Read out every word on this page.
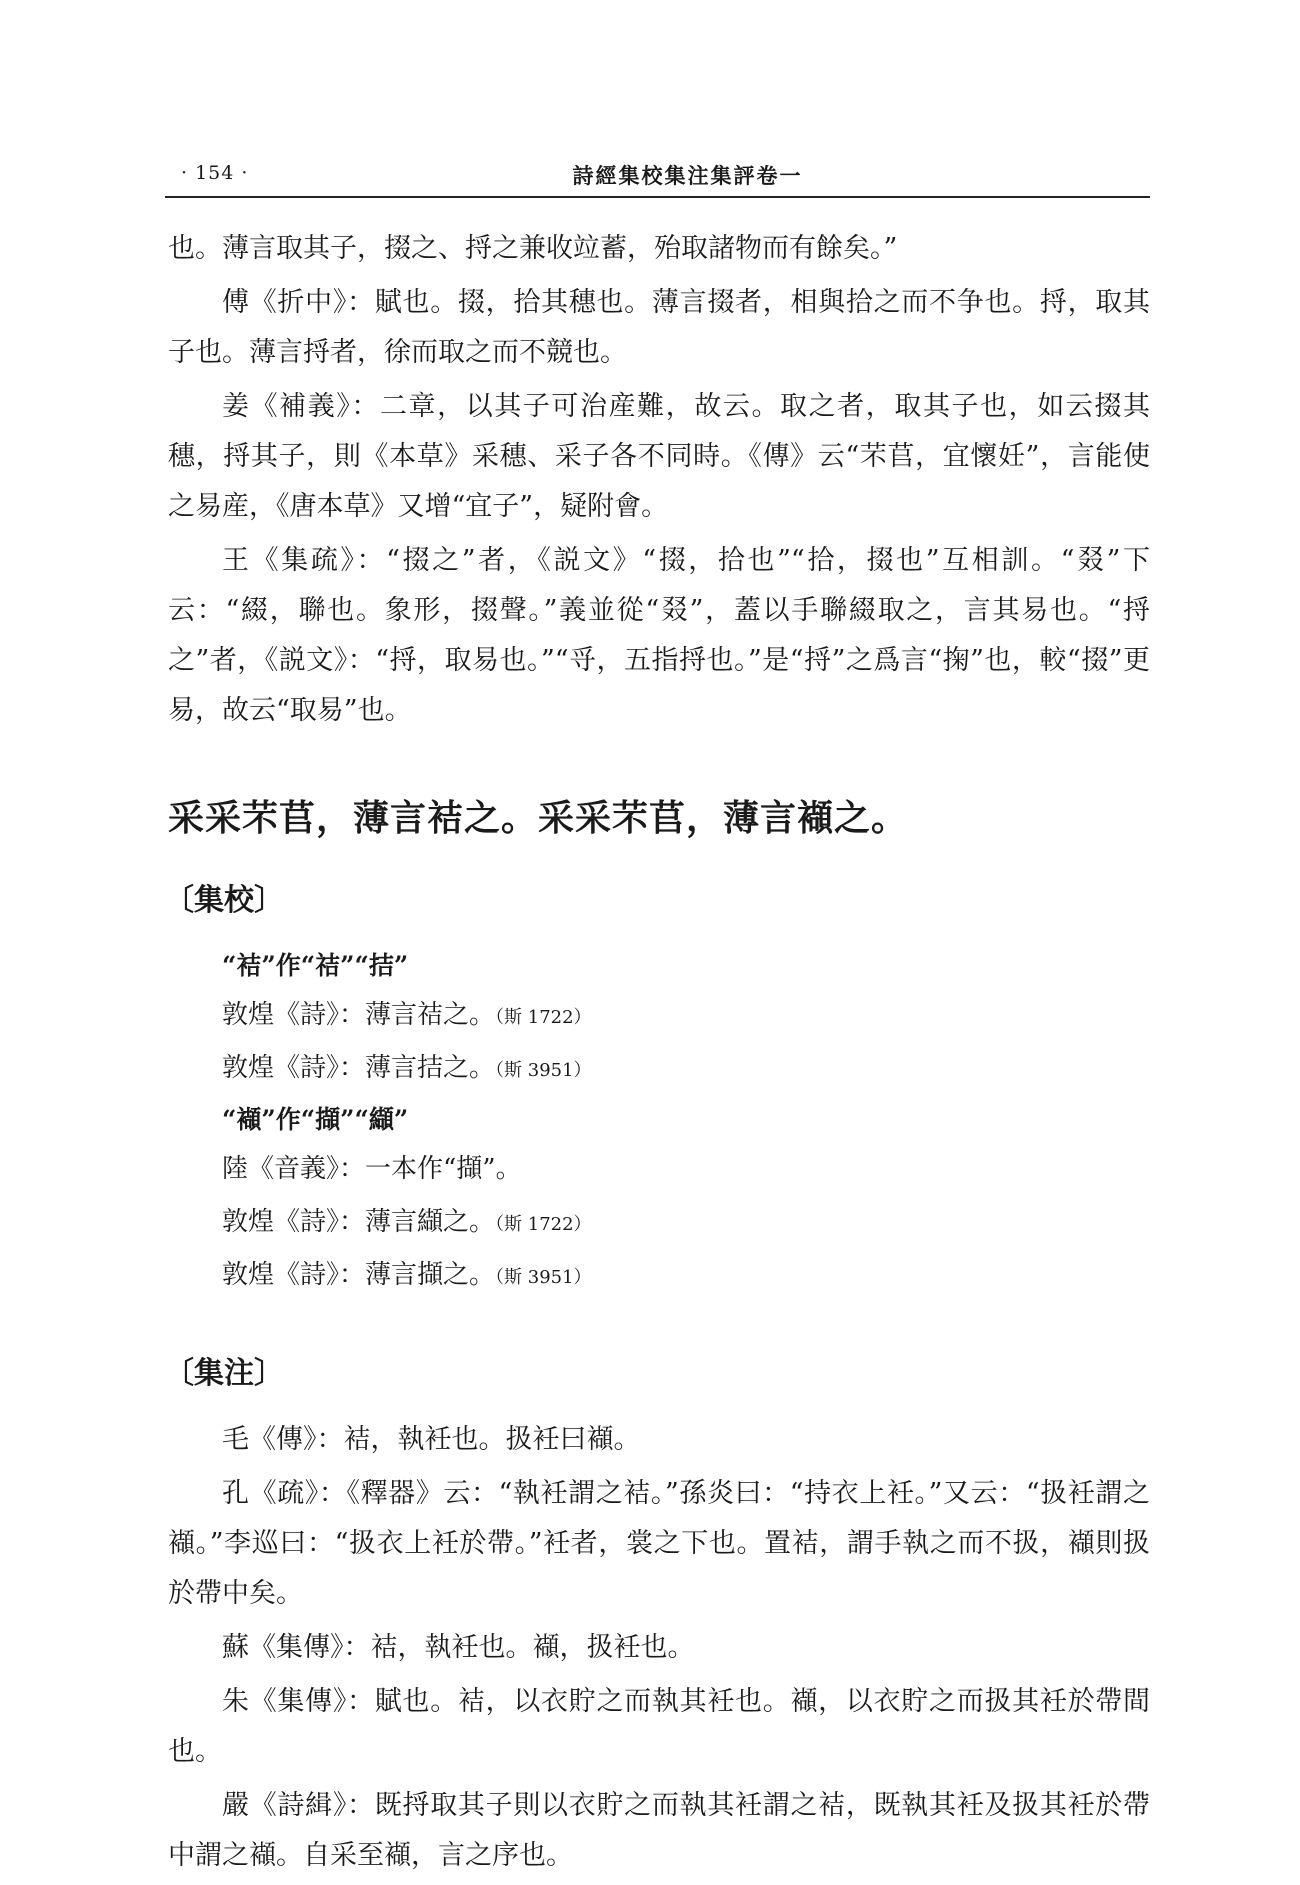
· 154 ·	詩經集校集注集評卷一

也。薄言取其子，掇之、捋之兼收竝蓄，殆取諸物而有餘矣。”

傅《折中》：賦也。掇，拾其穗也。薄言掇者，相與拾之而不争也。捋，取其子也。薄言捋者，徐而取之而不競也。

姜《補義》：二章，以其子可治産難，故云。取之者，取其子也，如云掇其穗，捋其子，則《本草》采穗、采子各不同時。《傳》云“芣苢，宜懷妊”，言能使之易産，《唐本草》又增“宜子”，疑附會。

王《集疏》：“掇之”者，《説文》“掇，拾也”“拾，掇也”互相訓。“叕”下云：“綴，聯也。象形，掇聲。”義並從“叕”，蓋以手聯綴取之，言其易也。“捋之”者，《説文》：“捋，取易也。”“寽，五指捋也。”是“捋”之爲言“掬”也，較“掇”更易，故云“取易”也。

采采芣苢，薄言袺之。采采芣苢，薄言襭之。
〔集校〕

“袺”作“祮”“拮”

敦煌《詩》：薄言祮之。（斯 1722）

敦煌《詩》：薄言拮之。（斯 3951）

“襭”作“擷”“纈”

陸《音義》：一本作“擷”。

敦煌《詩》：薄言纈之。（斯 1722）

敦煌《詩》：薄言擷之。（斯 3951）

〔集注〕

毛《傳》：袺，執衽也。扱衽曰襭。

孔《疏》：《釋器》云：“執衽謂之袺。”孫炎曰：“持衣上衽。”又云：“扱衽謂之襭。”李巡曰：“扱衣上衽於帶。”衽者，裳之下也。置袺，謂手執之而不扱，襭則扱於帶中矣。

蘇《集傳》：袺，執衽也。襭，扱衽也。

朱《集傳》：賦也。袺，以衣貯之而執其衽也。襭，以衣貯之而扱其衽於帶間也。

嚴《詩緝》：既捋取其子則以衣貯之而執其衽謂之袺，既執其衽及扱其衽於帶中謂之襭。自采至襭，言之序也。
